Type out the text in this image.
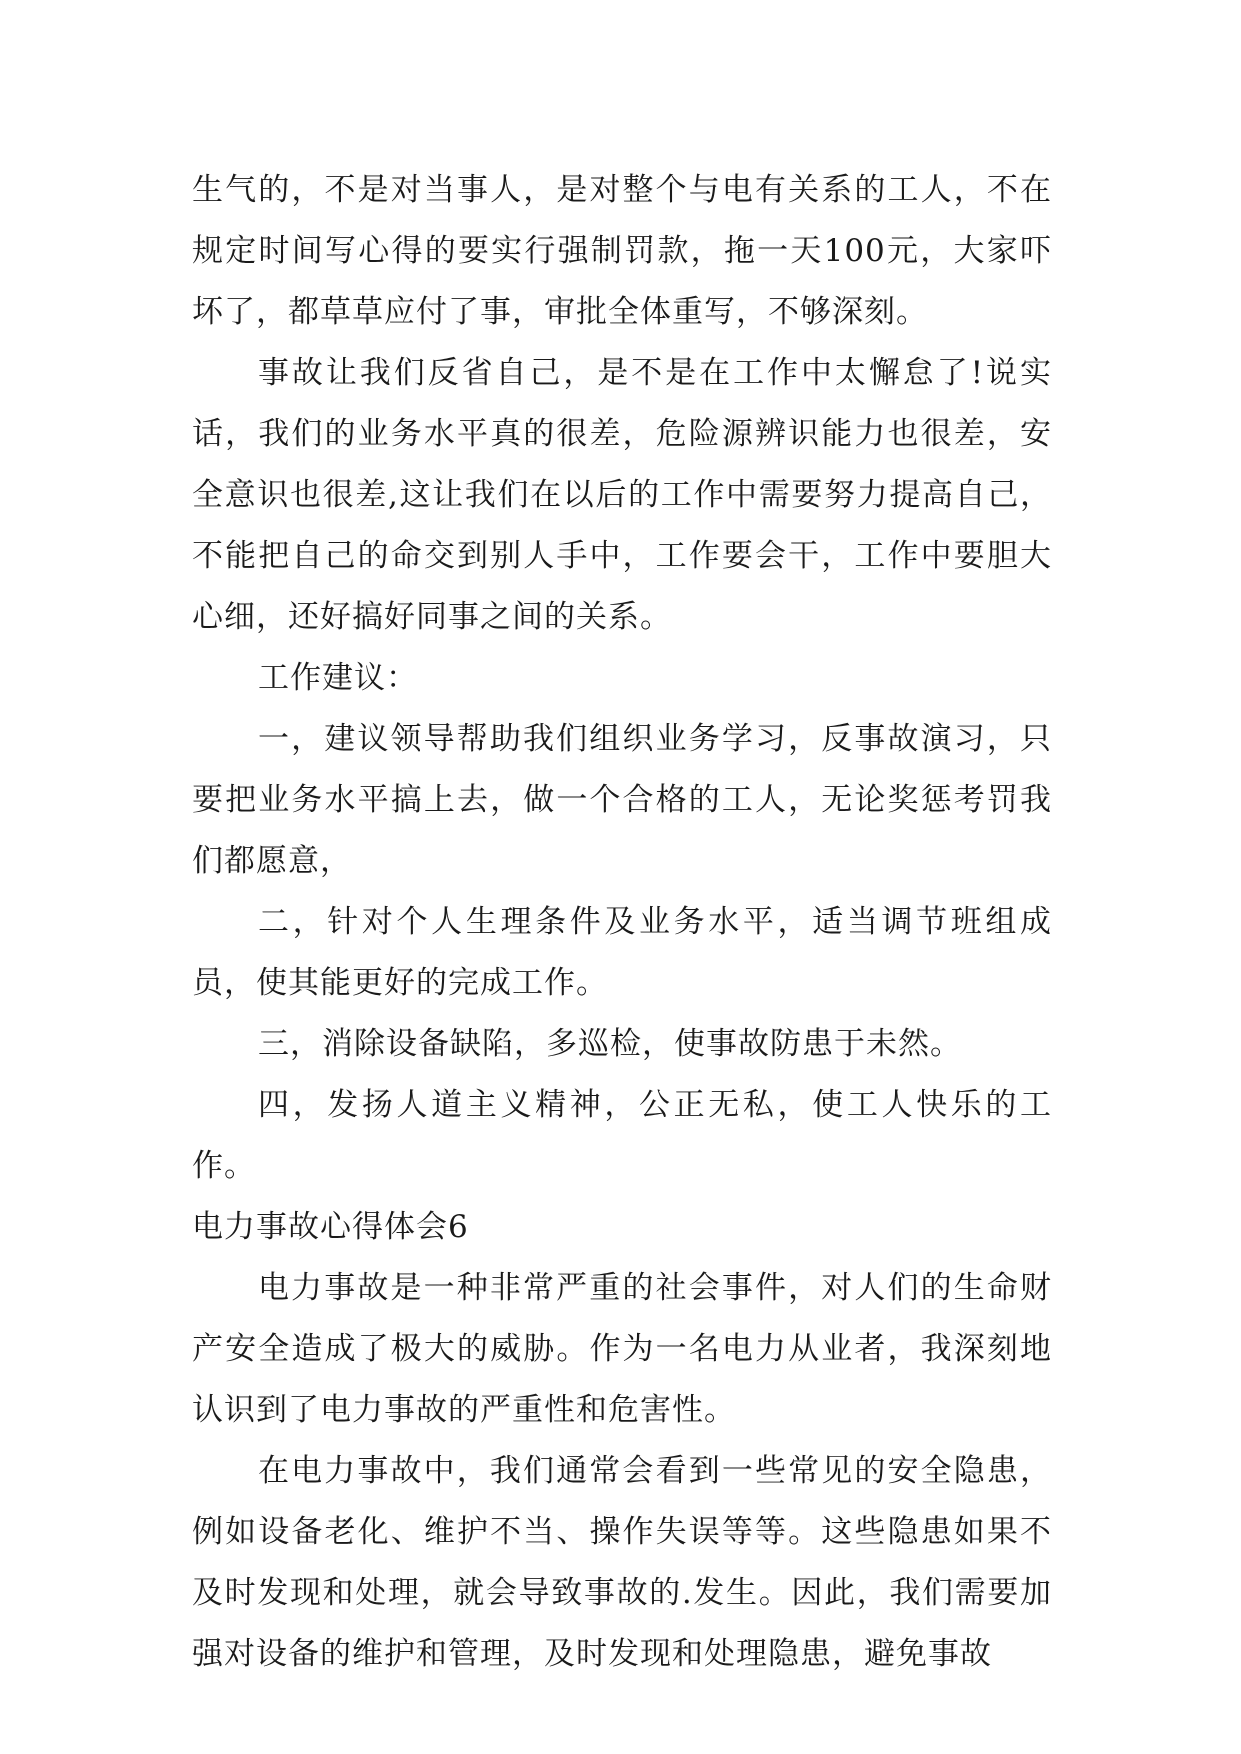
生气的，不是对当事人，是对整个与电有关系的工人，不在规定时间写心得的要实行强制罚款，拖一天100元，大家吓坏了，都草草应付了事，审批全体重写，不够深刻。

事故让我们反省自己，是不是在工作中太懈怠了!说实话，我们的业务水平真的很差，危险源辨识能力也很差，安全意识也很差,这让我们在以后的工作中需要努力提高自己，不能把自己的命交到别人手中，工作要会干，工作中要胆大心细，还好搞好同事之间的关系。

工作建议：

一，建议领导帮助我们组织业务学习，反事故演习，只要把业务水平搞上去，做一个合格的工人，无论奖惩考罚我们都愿意，

二，针对个人生理条件及业务水平，适当调节班组成员，使其能更好的完成工作。

三，消除设备缺陷，多巡检，使事故防患于未然。

四，发扬人道主义精神，公正无私，使工人快乐的工作。

电力事故心得体会6

电力事故是一种非常严重的社会事件，对人们的生命财产安全造成了极大的威胁。作为一名电力从业者，我深刻地认识到了电力事故的严重性和危害性。

在电力事故中，我们通常会看到一些常见的安全隐患，例如设备老化、维护不当、操作失误等等。这些隐患如果不及时发现和处理，就会导致事故的.发生。因此，我们需要加强对设备的维护和管理，及时发现和处理隐患，避免事故
